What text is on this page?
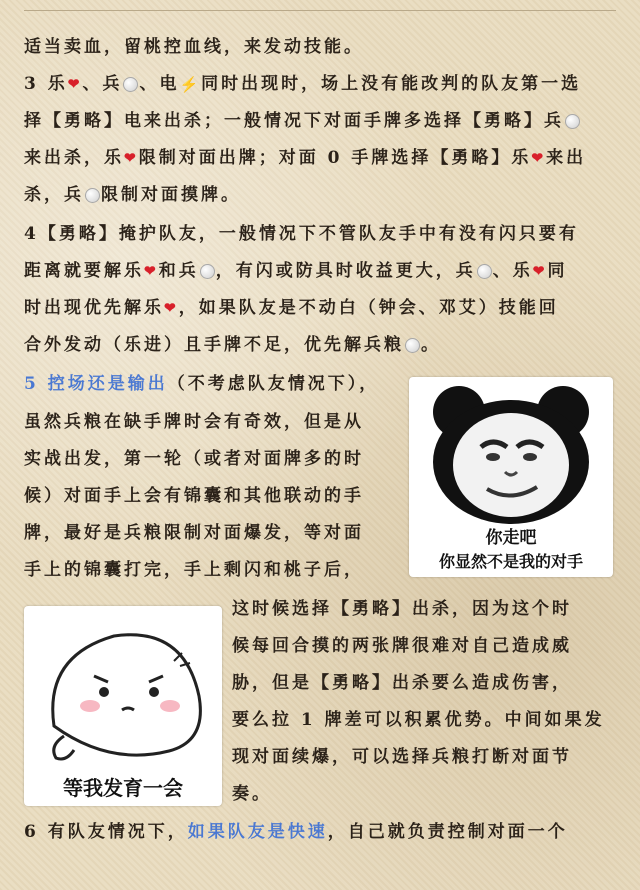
适当卖血，留桃控血线，来发动技能。
3 乐❤、兵 、电⚡同时出现时，场上没有能改判的队友第一选
择【勇略】电来出杀；一般情况下对面手牌多选择【勇略】兵
来出杀，乐❤限制对面出牌；对面 0 手牌选择【勇略】乐❤来出
杀，兵 限制对面摸牌。
4【勇略】掩护队友，一般情况下不管队友手中有没有闪只要有
距离就要解乐❤和兵 ，有闪或防具时收益更大，兵 、乐❤同
时出现优先解乐❤，如果队友是不动白（钟会、邓艾）技能回
合外发动（乐进）且手牌不足，优先解兵粮 。
5 控场还是输出（不考虑队友情况下），
虽然兵粮在缺手牌时会有奇效，但是从
实战出发，第一轮（或者对面牌多的时
候）对面手上会有锦囊和其他联动的手
牌，最好是兵粮限制对面爆发，等对面
手上的锦囊打完，手上剩闪和桃子后，
你走吧
你显然不是我的对手
等我发育一会
这时候选择【勇略】出杀，因为这个时
候每回合摸的两张牌很难对自己造成威
胁，但是【勇略】出杀要么造成伤害，
要么拉 1 牌差可以积累优势。中间如果发
现对面续爆，可以选择兵粮打断对面节
奏。
6 有队友情况下，如果队友是快速，自己就负责控制对面一个
